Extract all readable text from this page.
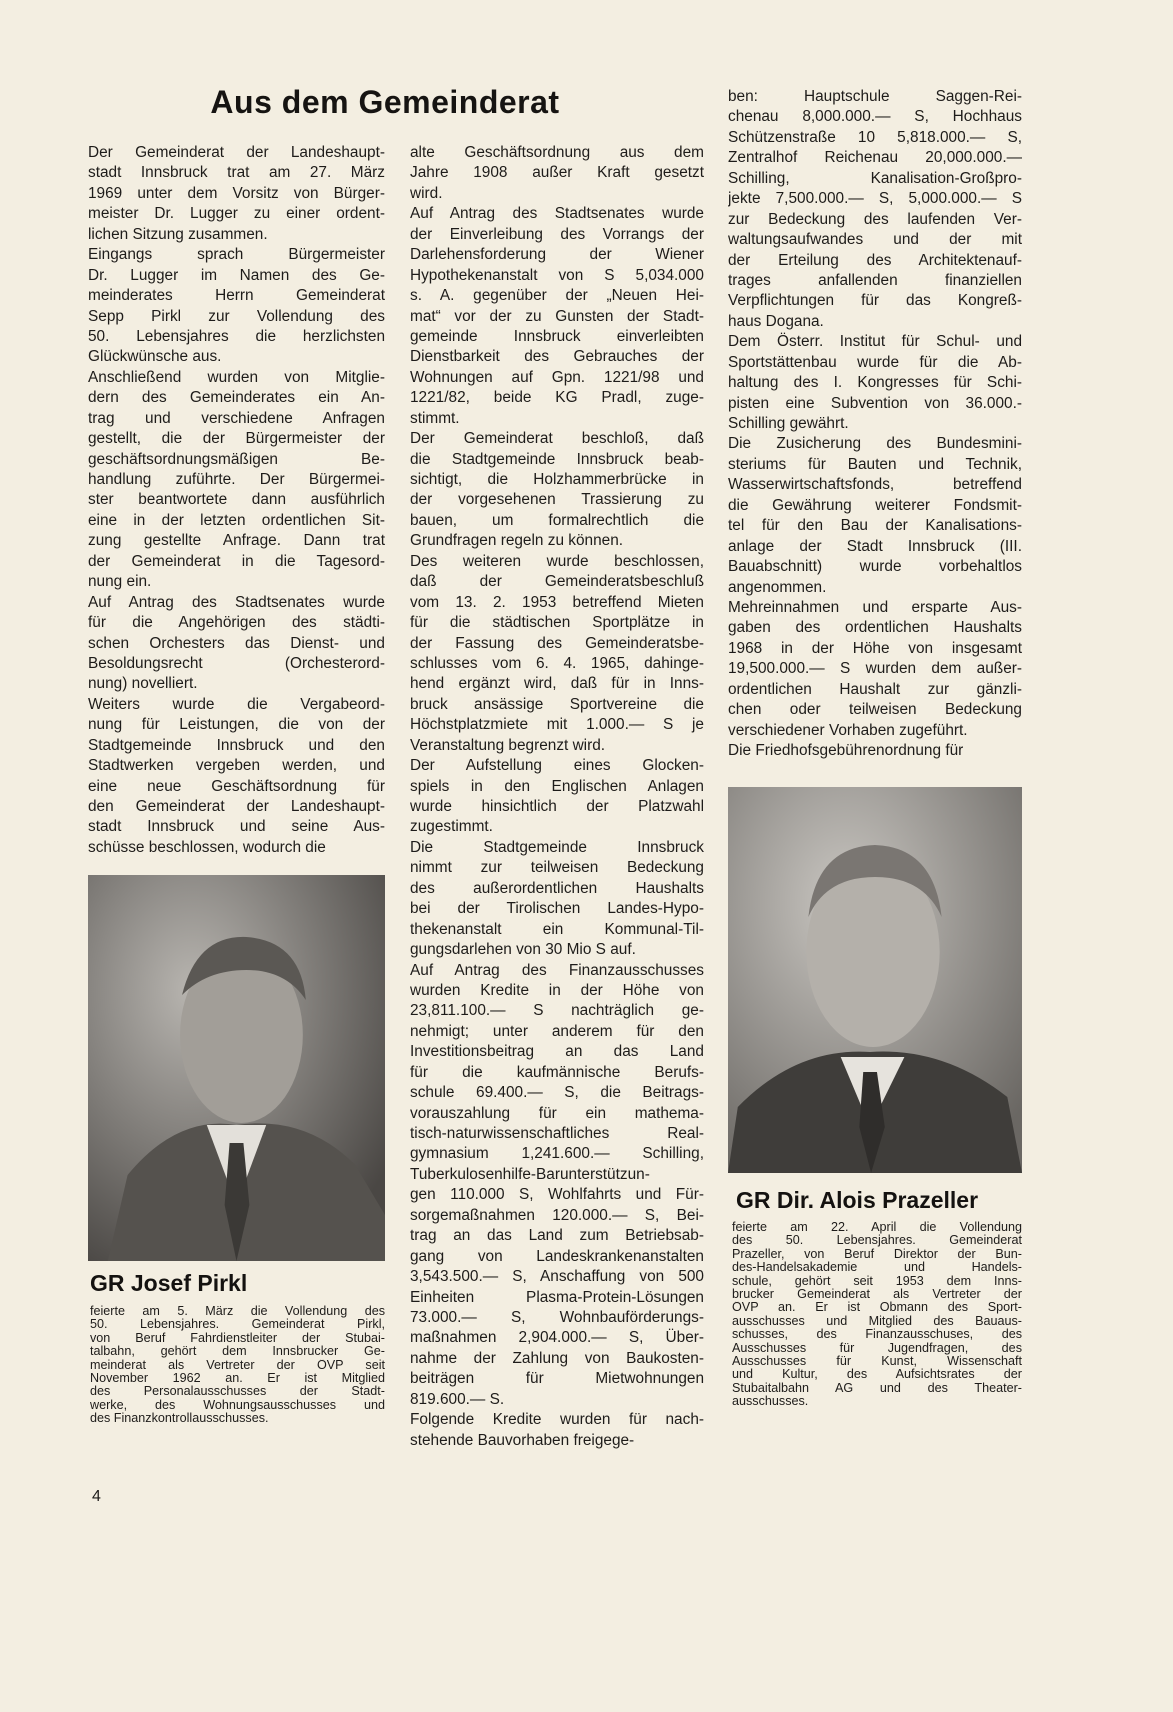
Aus dem Gemeinderat
Der Gemeinderat der Landeshaupt-
stadt Innsbruck trat am 27. März
1969 unter dem Vorsitz von Bürger-
meister Dr. Lugger zu einer ordent-
lichen Sitzung zusammen.
Eingangs sprach Bürgermeister
Dr. Lugger im Namen des Ge-
meinderates Herrn Gemeinderat
Sepp Pirkl zur Vollendung des
50. Lebensjahres die herzlichsten
Glückwünsche aus.
Anschließend wurden von Mitglie-
dern des Gemeinderates ein An-
trag und verschiedene Anfragen
gestellt, die der Bürgermeister der
geschäftsordnungsmäßigen Be-
handlung zuführte. Der Bürgermei-
ster beantwortete dann ausführlich
eine in der letzten ordentlichen Sit-
zung gestellte Anfrage. Dann trat
der Gemeinderat in die Tagesord-
nung ein.
Auf Antrag des Stadtsenates wurde
für die Angehörigen des städti-
schen Orchesters das Dienst- und
Besoldungsrecht (Orchesterord-
nung) novelliert.
Weiters wurde die Vergabeord-
nung für Leistungen, die von der
Stadtgemeinde Innsbruck und den
Stadtwerken vergeben werden, und
eine neue Geschäftsordnung für
den Gemeinderat der Landeshaupt-
stadt Innsbruck und seine Aus-
schüsse beschlossen, wodurch die
alte Geschäftsordnung aus dem
Jahre 1908 außer Kraft gesetzt
wird.
Auf Antrag des Stadtsenates wurde
der Einverleibung des Vorrangs der
Darlehensforderung der Wiener
Hypothekenanstalt von S 5,034.000
s. A. gegenüber der „Neuen Hei-
mat“ vor der zu Gunsten der Stadt-
gemeinde Innsbruck einverleibten
Dienstbarkeit des Gebrauches der
Wohnungen auf Gpn. 1221/98 und
1221/82, beide KG Pradl, zuge-
stimmt.
Der Gemeinderat beschloß, daß
die Stadtgemeinde Innsbruck beab-
sichtigt, die Holzhammerbrücke in
der vorgesehenen Trassierung zu
bauen, um formalrechtlich die
Grundfragen regeln zu können.
Des weiteren wurde beschlossen,
daß der Gemeinderatsbeschluß
vom 13. 2. 1953 betreffend Mieten
für die städtischen Sportplätze in
der Fassung des Gemeinderatsbe-
schlusses vom 6. 4. 1965, dahinge-
hend ergänzt wird, daß für in Inns-
bruck ansässige Sportvereine die
Höchstplatzmiete mit 1.000.— S je
Veranstaltung begrenzt wird.
Der Aufstellung eines Glocken-
spiels in den Englischen Anlagen
wurde hinsichtlich der Platzwahl
zugestimmt.
Die Stadtgemeinde Innsbruck
nimmt zur teilweisen Bedeckung
des außerordentlichen Haushalts
bei der Tirolischen Landes-Hypo-
thekenanstalt ein Kommunal-Til-
gungsdarlehen von 30 Mio S auf.
Auf Antrag des Finanzausschusses
wurden Kredite in der Höhe von
23,811.100.— S nachträglich ge-
nehmigt; unter anderem für den
Investitionsbeitrag an das Land
für die kaufmännische Berufs-
schule 69.400.— S, die Beitrags-
vorauszahlung für ein mathema-
tisch-naturwissenschaftliches Real-
gymnasium 1,241.600.— Schilling,
Tuberkulosenhilfe-Barunterstützun-
gen 110.000 S, Wohlfahrts und Für-
sorgemaßnahmen 120.000.— S, Bei-
trag an das Land zum Betriebsab-
gang von Landeskrankenanstalten
3,543.500.— S, Anschaffung von 500
Einheiten Plasma-Protein-Lösungen
73.000.— S, Wohnbauförderungs-
maßnahmen 2,904.000.— S, Über-
nahme der Zahlung von Baukosten-
beiträgen für Mietwohnungen
819.600.— S.
Folgende Kredite wurden für nach-
stehende Bauvorhaben freigege-
ben: Hauptschule Saggen-Rei-
chenau 8,000.000.— S, Hochhaus
Schützenstraße 10 5,818.000.— S,
Zentralhof Reichenau 20,000.000.—
Schilling, Kanalisation-Großpro-
jekte 7,500.000.— S, 5,000.000.— S
zur Bedeckung des laufenden Ver-
waltungsaufwandes und der mit
der Erteilung des Architektenauf-
trages anfallenden finanziellen
Verpflichtungen für das Kongreß-
haus Dogana.
Dem Österr. Institut für Schul- und
Sportstättenbau wurde für die Ab-
haltung des I. Kongresses für Schi-
pisten eine Subvention von 36.000.-
Schilling gewährt.
Die Zusicherung des Bundesmini-
steriums für Bauten und Technik,
Wasserwirtschaftsfonds, betreffend
die Gewährung weiterer Fondsmit-
tel für den Bau der Kanalisations-
anlage der Stadt Innsbruck (III.
Bauabschnitt) wurde vorbehaltlos
angenommen.
Mehreinnahmen und ersparte Aus-
gaben des ordentlichen Haushalts
1968 in der Höhe von insgesamt
19,500.000.— S wurden dem außer-
ordentlichen Haushalt zur gänzli-
chen oder teilweisen Bedeckung
verschiedener Vorhaben zugeführt.
Die Friedhofsgebührenordnung für
GR Josef Pirkl
feierte am 5. März die Vollendung des
50. Lebensjahres. Gemeinderat Pirkl,
von Beruf Fahrdienstleiter der Stubai-
talbahn, gehört dem Innsbrucker Ge-
meinderat als Vertreter der ÖVP seit
November 1962 an. Er ist Mitglied
des Personalausschusses der Stadt-
werke, des Wohnungsausschusses und
des Finanzkontrollausschusses.
GR Dir. Alois Prazeller
feierte am 22. April die Vollendung
des 50. Lebensjahres. Gemeinderat
Prazeller, von Beruf Direktor der Bun-
des-Handelsakademie und Handels-
schule, gehört seit 1953 dem Inns-
brucker Gemeinderat als Vertreter der
ÖVP an. Er ist Obmann des Sport-
ausschusses und Mitglied des Bauaus-
schusses, des Finanzausschuses, des
Ausschusses für Jugendfragen, des
Ausschusses für Kunst, Wissenschaft
und Kultur, des Aufsichtsrates der
Stubaitalbahn AG und des Theater-
ausschusses.
4
